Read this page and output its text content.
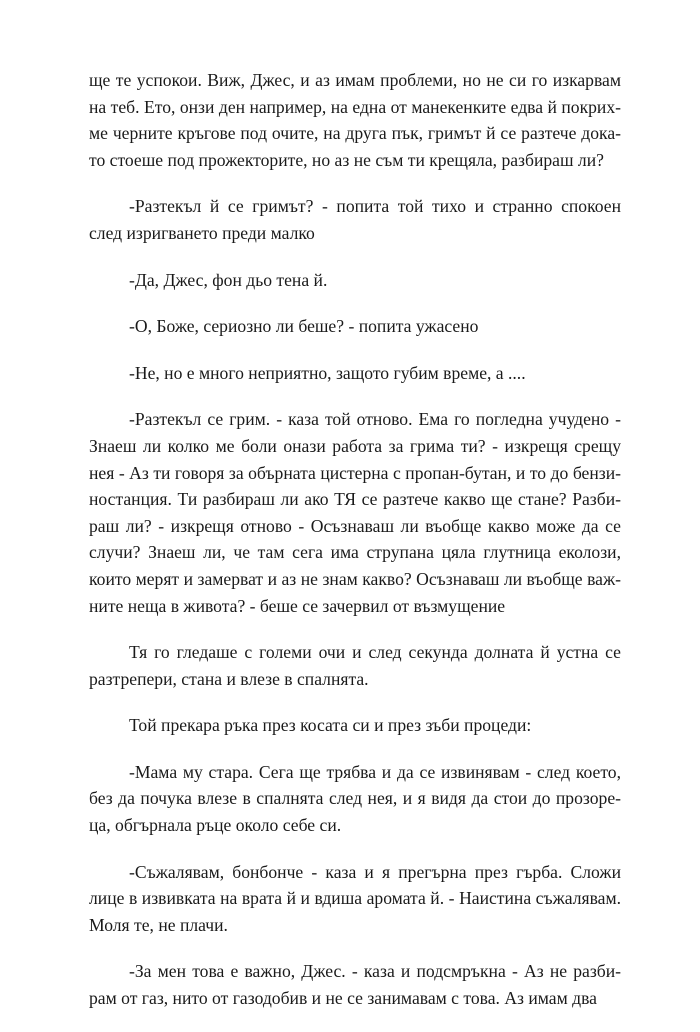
ще те успокои. Виж, Джес, и аз имам проблеми, но не си го изкарвам
на теб. Ето, онзи ден например, на една от манекенките едва й покрих-
ме черните кръгове под очите, на друга пък, гримът й се разтече дока-
то стоеше под прожекторите, но аз не съм ти крещяла, разбираш ли?

-Разтекъл й се гримът? - попита той тихо и странно спокоен
след изригването преди малко

-Да, Джес, фон дьо тена й.

-О, Боже, сериозно ли беше? - попита ужасено

-Не, но е много неприятно, защото губим време, а ....

-Разтекъл се грим. - каза той отново. Ема го погледна учудено -
Знаеш ли колко ме боли онази работа за грима ти? - изкрещя срещу
нея - Аз ти говоря за обърната цистерна с пропан-бутан, и то до бензи-
ностанция. Ти разбираш ли ако ТЯ се разтече какво ще стане? Разби-
раш ли? - изкрещя отново - Осъзнаваш ли въобще какво може да се
случи? Знаеш ли, че там сега има струпана цяла глутница еколози,
които мерят и замерват и аз не знам какво? Осъзнаваш ли въобще важ-
ните неща в живота? - беше се зачервил от възмущение

Тя го гледаше с големи очи и след секунда долната й устна се
разтрепери, стана и влезе в спалнята.

Той прекара ръка през косата си и през зъби процеди:

-Мама му стара. Сега ще трябва и да се извинявам - след което,
без да почука влезе в спалнята след нея, и я видя да стои до прозоре-
ца, обгърнала ръце около себе си.

-Съжалявам, бонбонче - каза и я прегърна през гърба. Сложи
лице в извивката на врата й и вдиша аромата й. - Наистина съжалявам.
Моля те, не плачи.

-За мен това е важно, Джес. - каза и подсмръкна - Аз не разби-
рам от газ, нито от газодобив и не се занимавам с това. Аз имам два
